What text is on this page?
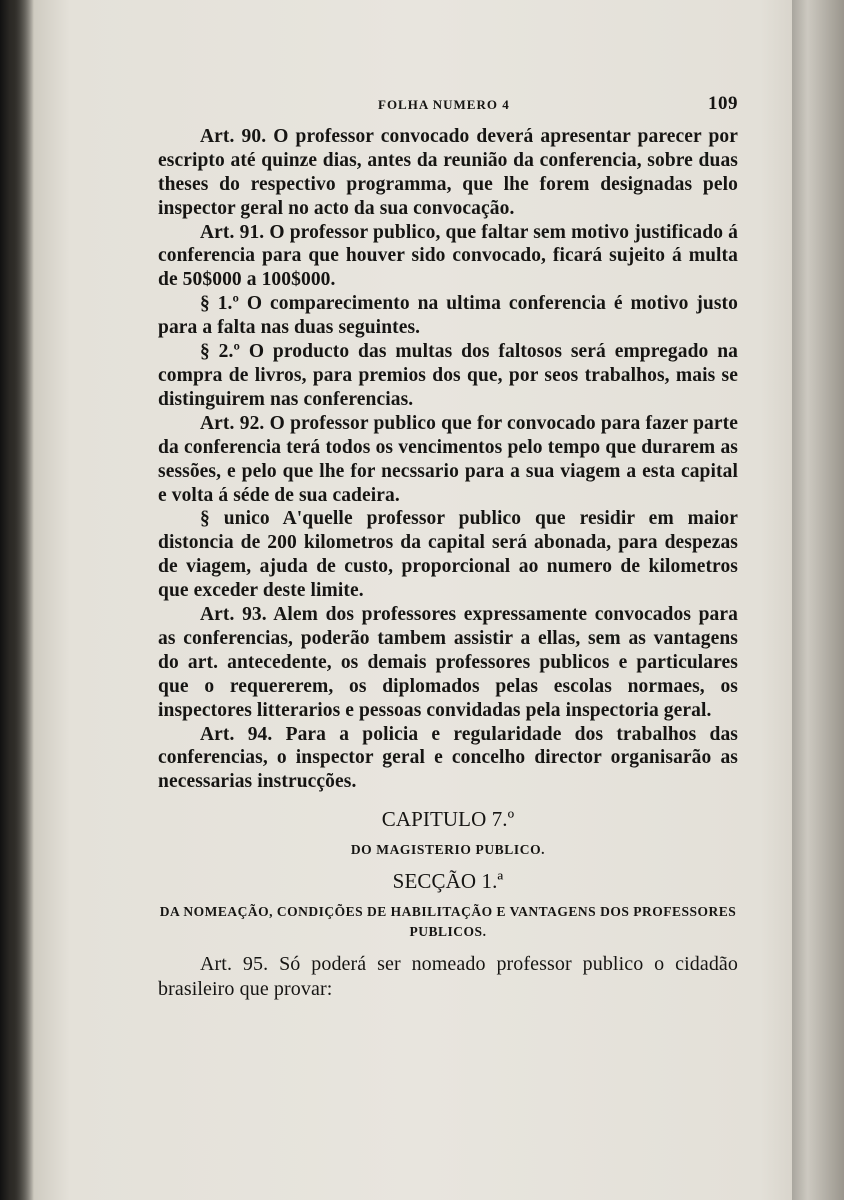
FOLHA NUMERO 4	109

Art. 90. O professor convocado deverá apresentar parecer por escripto até quinze dias, antes da reunião da conferencia, sobre duas theses do respectivo programma, que lhe forem designadas pelo inspector geral no acto da sua convocação.

Art. 91. O professor publico, que faltar sem motivo justificado á conferencia para que houver sido convocado, ficará sujeito á multa de 50$000 a 100$000.

§ 1.º O comparecimento na ultima conferencia é motivo justo para a falta nas duas seguintes.

§ 2.º O producto das multas dos faltosos será empregado na compra de livros, para premios dos que, por seos trabalhos, mais se distinguirem nas conferencias.

Art. 92. O professor publico que for convocado para fazer parte da conferencia terá todos os vencimentos pelo tempo que durarem as sessões, e pelo que lhe for necssario para a sua viagem a esta capital e volta á séde de sua cadeira.

§ unico A'quelle professor publico que residir em maior distoncia de 200 kilometros da capital será abonada, para despezas de viagem, ajuda de custo, proporcional ao numero de kilometros que exceder deste limite.

Art. 93. Alem dos professores expressamente convocados para as conferencias, poderão tambem assistir a ellas, sem as vantagens do art. antecedente, os demais professores publicos e particulares que o requererem, os diplomados pelas escolas normaes, os inspectores litterarios e pessoas convidadas pela inspectoria geral.

Art. 94. Para a policia e regularidade dos trabalhos das conferencias, o inspector geral e concelho director organisarão as necessarias instrucções.

CAPITULO 7.º

DO MAGISTERIO PUBLICO.

SECÇÃO 1.ª

DA NOMEAÇÃO, CONDIÇÕES DE HABILITAÇÃO E VANTAGENS DOS PROFESSORES PUBLICOS.

Art. 95. Só poderá ser nomeado professor publico o cidadão brasileiro que provar:
